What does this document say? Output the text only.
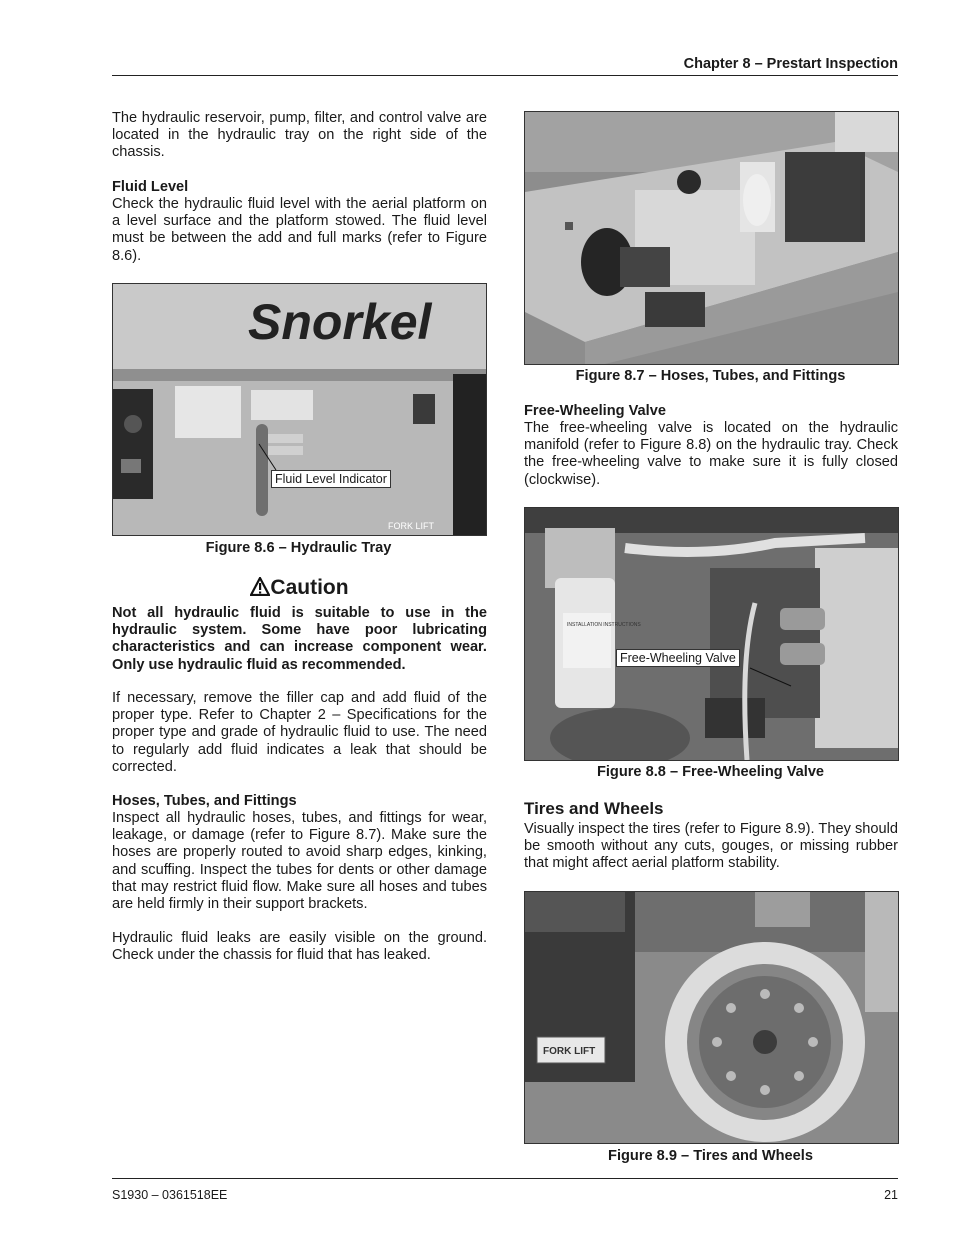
Chapter 8 – Prestart Inspection

The hydraulic reservoir, pump, filter, and control valve are located in the hydraulic tray on the right side of the chassis.

Fluid Level

Check the hydraulic fluid level with the aerial platform on a level surface and the platform stowed. The fluid level must be between the add and full marks (refer to Figure 8.6).

Snorkel
FORK LIFT
Fluid Level Indicator
Figure 8.6 – Hydraulic Tray
Caution

Not all hydraulic fluid is suitable to use in the hydraulic system. Some have poor lubricating characteristics and can increase component wear. Only use hydraulic fluid as recommended.

If necessary, remove the filler cap and add fluid of the proper type. Refer to Chapter 2 – Specifications for the proper type and grade of hydraulic fluid to use. The need to regularly add fluid indicates a leak that should be corrected.

Hoses, Tubes, and Fittings

Inspect all hydraulic hoses, tubes, and fittings for wear, leakage, or damage (refer to Figure 8.7). Make sure the hoses are properly routed to avoid sharp edges, kinking, and scuffing. Inspect the tubes for dents or other damage that may restrict fluid flow. Make sure all hoses and tubes are held firmly in their support brackets.

Hydraulic fluid leaks are easily visible on the ground. Check under the chassis for fluid that has leaked.

Figure 8.7 – Hoses, Tubes, and Fittings
Free-Wheeling Valve

The free-wheeling valve is located on the hydraulic manifold (refer to Figure 8.8) on the hydraulic tray. Check the free-wheeling valve to make sure it is fully closed (clockwise).

INSTALLATION INSTRUCTIONS
Free-Wheeling Valve
Figure 8.8 – Free-Wheeling Valve
Tires and Wheels

Visually inspect the tires (refer to Figure 8.9). They should be smooth without any cuts, gouges, or missing rubber that might affect aerial platform stability.

FORK LIFT
Figure 8.9 – Tires and Wheels
S1930 – 0361518EE	21
